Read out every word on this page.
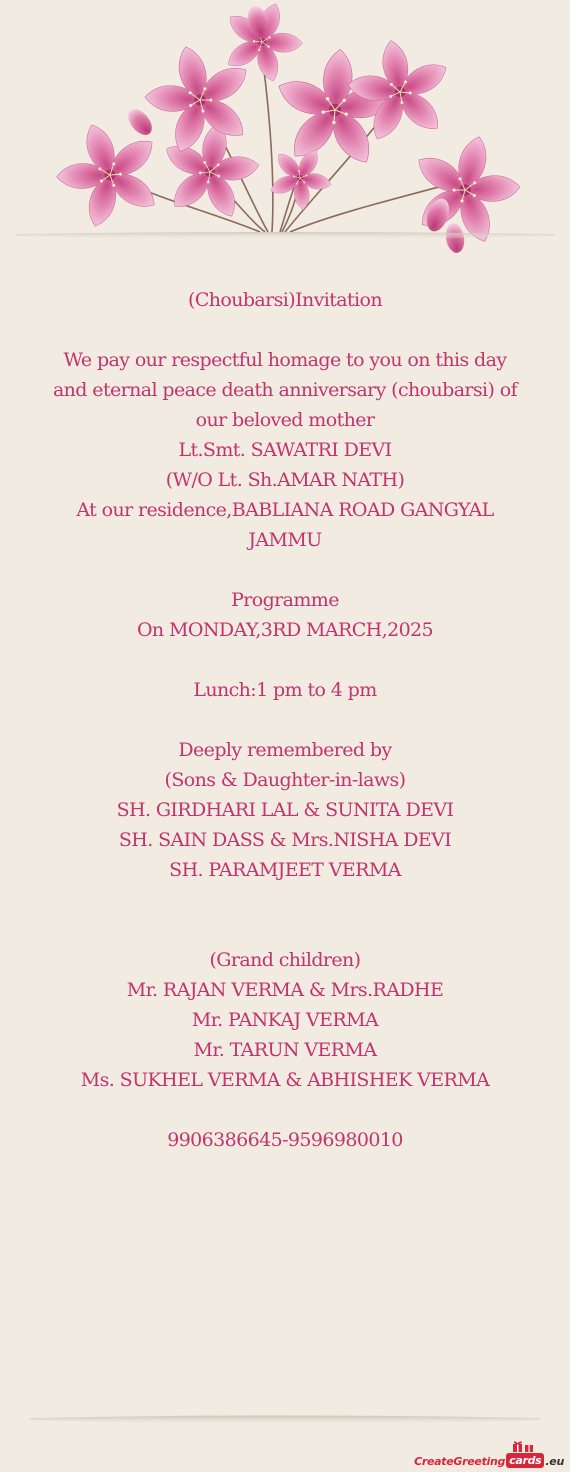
(Choubarsi)Invitation
We pay our respectful homage to you on this day
and eternal peace death anniversary (choubarsi) of
our beloved mother
Lt.Smt. SAWATRI DEVI
(W/O Lt. Sh.AMAR NATH)
At our residence,BABLIANA ROAD GANGYAL
JAMMU
Programme
On MONDAY,3RD MARCH,2025
Lunch:1 pm to 4 pm
Deeply remembered by
(Sons & Daughter-in-laws)
SH. GIRDHARI LAL & SUNITA DEVI
SH. SAIN DASS & Mrs.NISHA DEVI
SH. PARAMJEET VERMA
(Grand children)
Mr. RAJAN VERMA & Mrs.RADHE
Mr. PANKAJ VERMA
Mr. TARUN VERMA
Ms. SUKHEL VERMA & ABHISHEK VERMA
9906386645-9596980010
CreateGreeting cards .eu
